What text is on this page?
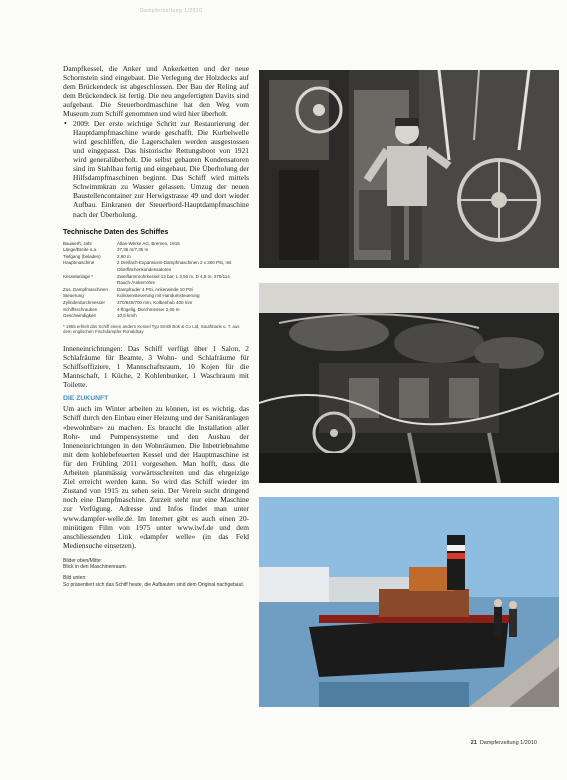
Dampferzeitung 1/2010

Dampfkessel, die Anker und Ankerketten und der neue Schornstein sind eingebaut. Die Verlegung der Holzdecks auf dem Brückendeck ist abgeschlossen. Der Bau der Reling auf dem Brückendeck ist fertig. Die neu angefertigten Davits sind aufgebaut. Die Steuerbordmaschine hat den Weg vom Museum zum Schiff genommen und wird hier überholt.

• 2009: Der erste wichtige Schritt zur Restaurierung der Hauptdampfmaschine wurde geschafft. Die Kurbelwelle wird geschliffen, die Lagerschalen werden ausgestossen und eingepasst. Das historische Rettungsboot von 1921 wird generalüberholt. Die selbst gebauten Kondensatoren sind im Stahlbau fertig und eingebaut. Die Überholung der Hilfsdampfmaschinen beginnt. Das Schiff wird mittels Schwimmkran zu Wasser gelassen. Umzug der neuen Baustellencontainer zur Herwigstrasse 49 und dort wieder Aufbau. Einkranen der Steuerbord-Hauptdampfmaschine nach der Überholung.

Technische Daten des Schiffes
Bauwerft, Jahr	Atlas-Werke AG, Bremen, 1915
Länge/Breite ü.a.	37,36 m/7,35 m
Tiefgang (beladen)	2,90 m
Hauptmaschine	2 Dreifach-Expansions-Dampfmaschinen 2 x 300 PSi, mit Oberflächenkondensatoren
Kesselanlage *	Zweiflammrohrkessel 13 bar, L 3,50 m, D 4,5 m, 270/114 Rauch-/Ankerrohre
Zus. Dampfmaschinen	Dampfruder 4 PSi, Ankerwinde 10 PSi
Steuerung	Kulissensteuerung mit Handumsteuerung
Zylinderdurchmesser	370/640/700 mm, Kolbenhub 400 mm
Schiffsschrauben	4-flügelig, Durchmesser 2,05 m
Geschwindigkeit	10,5 km/h
* 1955 erhielt das Schiff einen andern Kessel Typ Smith Bok & Co Ltd, Sauthbank u. T. aus dem englischen Fischdampfer Ronaldsay

Inneneinrichtungen: Das Schiff verfügt über 1 Salon, 2 Schlafräume für Beamte, 3 Wohn- und Schlafräume für Schiffsoffiziere, 1 Mannschaftsraum, 10 Kojen für die Mannschaft, 1 Küche, 2 Kohlenbunker, 1 Waschraum mit Toilette.

DIE ZUKUNFT

Um auch im Winter arbeiten zu können, ist es wichtig, das Schiff durch den Einbau einer Heizung und der Sanitäranlagen «bewohnbar» zu machen. Es braucht die Installation aller Rohr- und Pumpensysteme und den Ausbau der Inneneinrichtungen in den Wohnräumen. Die Inbetriebnahme mit dem kohlebefeuerten Kessel und der Hauptmaschine ist für den Frühling 2011 vorgesehen. Man hofft, dass die Arbeiten planmässig vorwärtsschreiten und das ehrgeizige Ziel erreicht werden kann. So wird das Schiff wieder im Zustand von 1915 zu sehen sein. Der Verein sucht dringend noch eine Dampfmaschine. Zurzeit steht nur eine Maschine zur Verfügung. Adresse und Infos findet man unter www.dampfer-welle.de. Im Internet gibt es auch einen 20-minütigen Film von 1975 unter www.iwf.de und dem anschliessenden Link «dampfer welle» (in das Feld Mediensuche einsetzen).

Bilder oben/Mitte:
Blick in den Maschinenraum.
Bild unten:
So präsentiert sich das Schiff heute, die Aufbauten sind dem Original nachgebaut.
21 Dampferzeitung 1/2010
